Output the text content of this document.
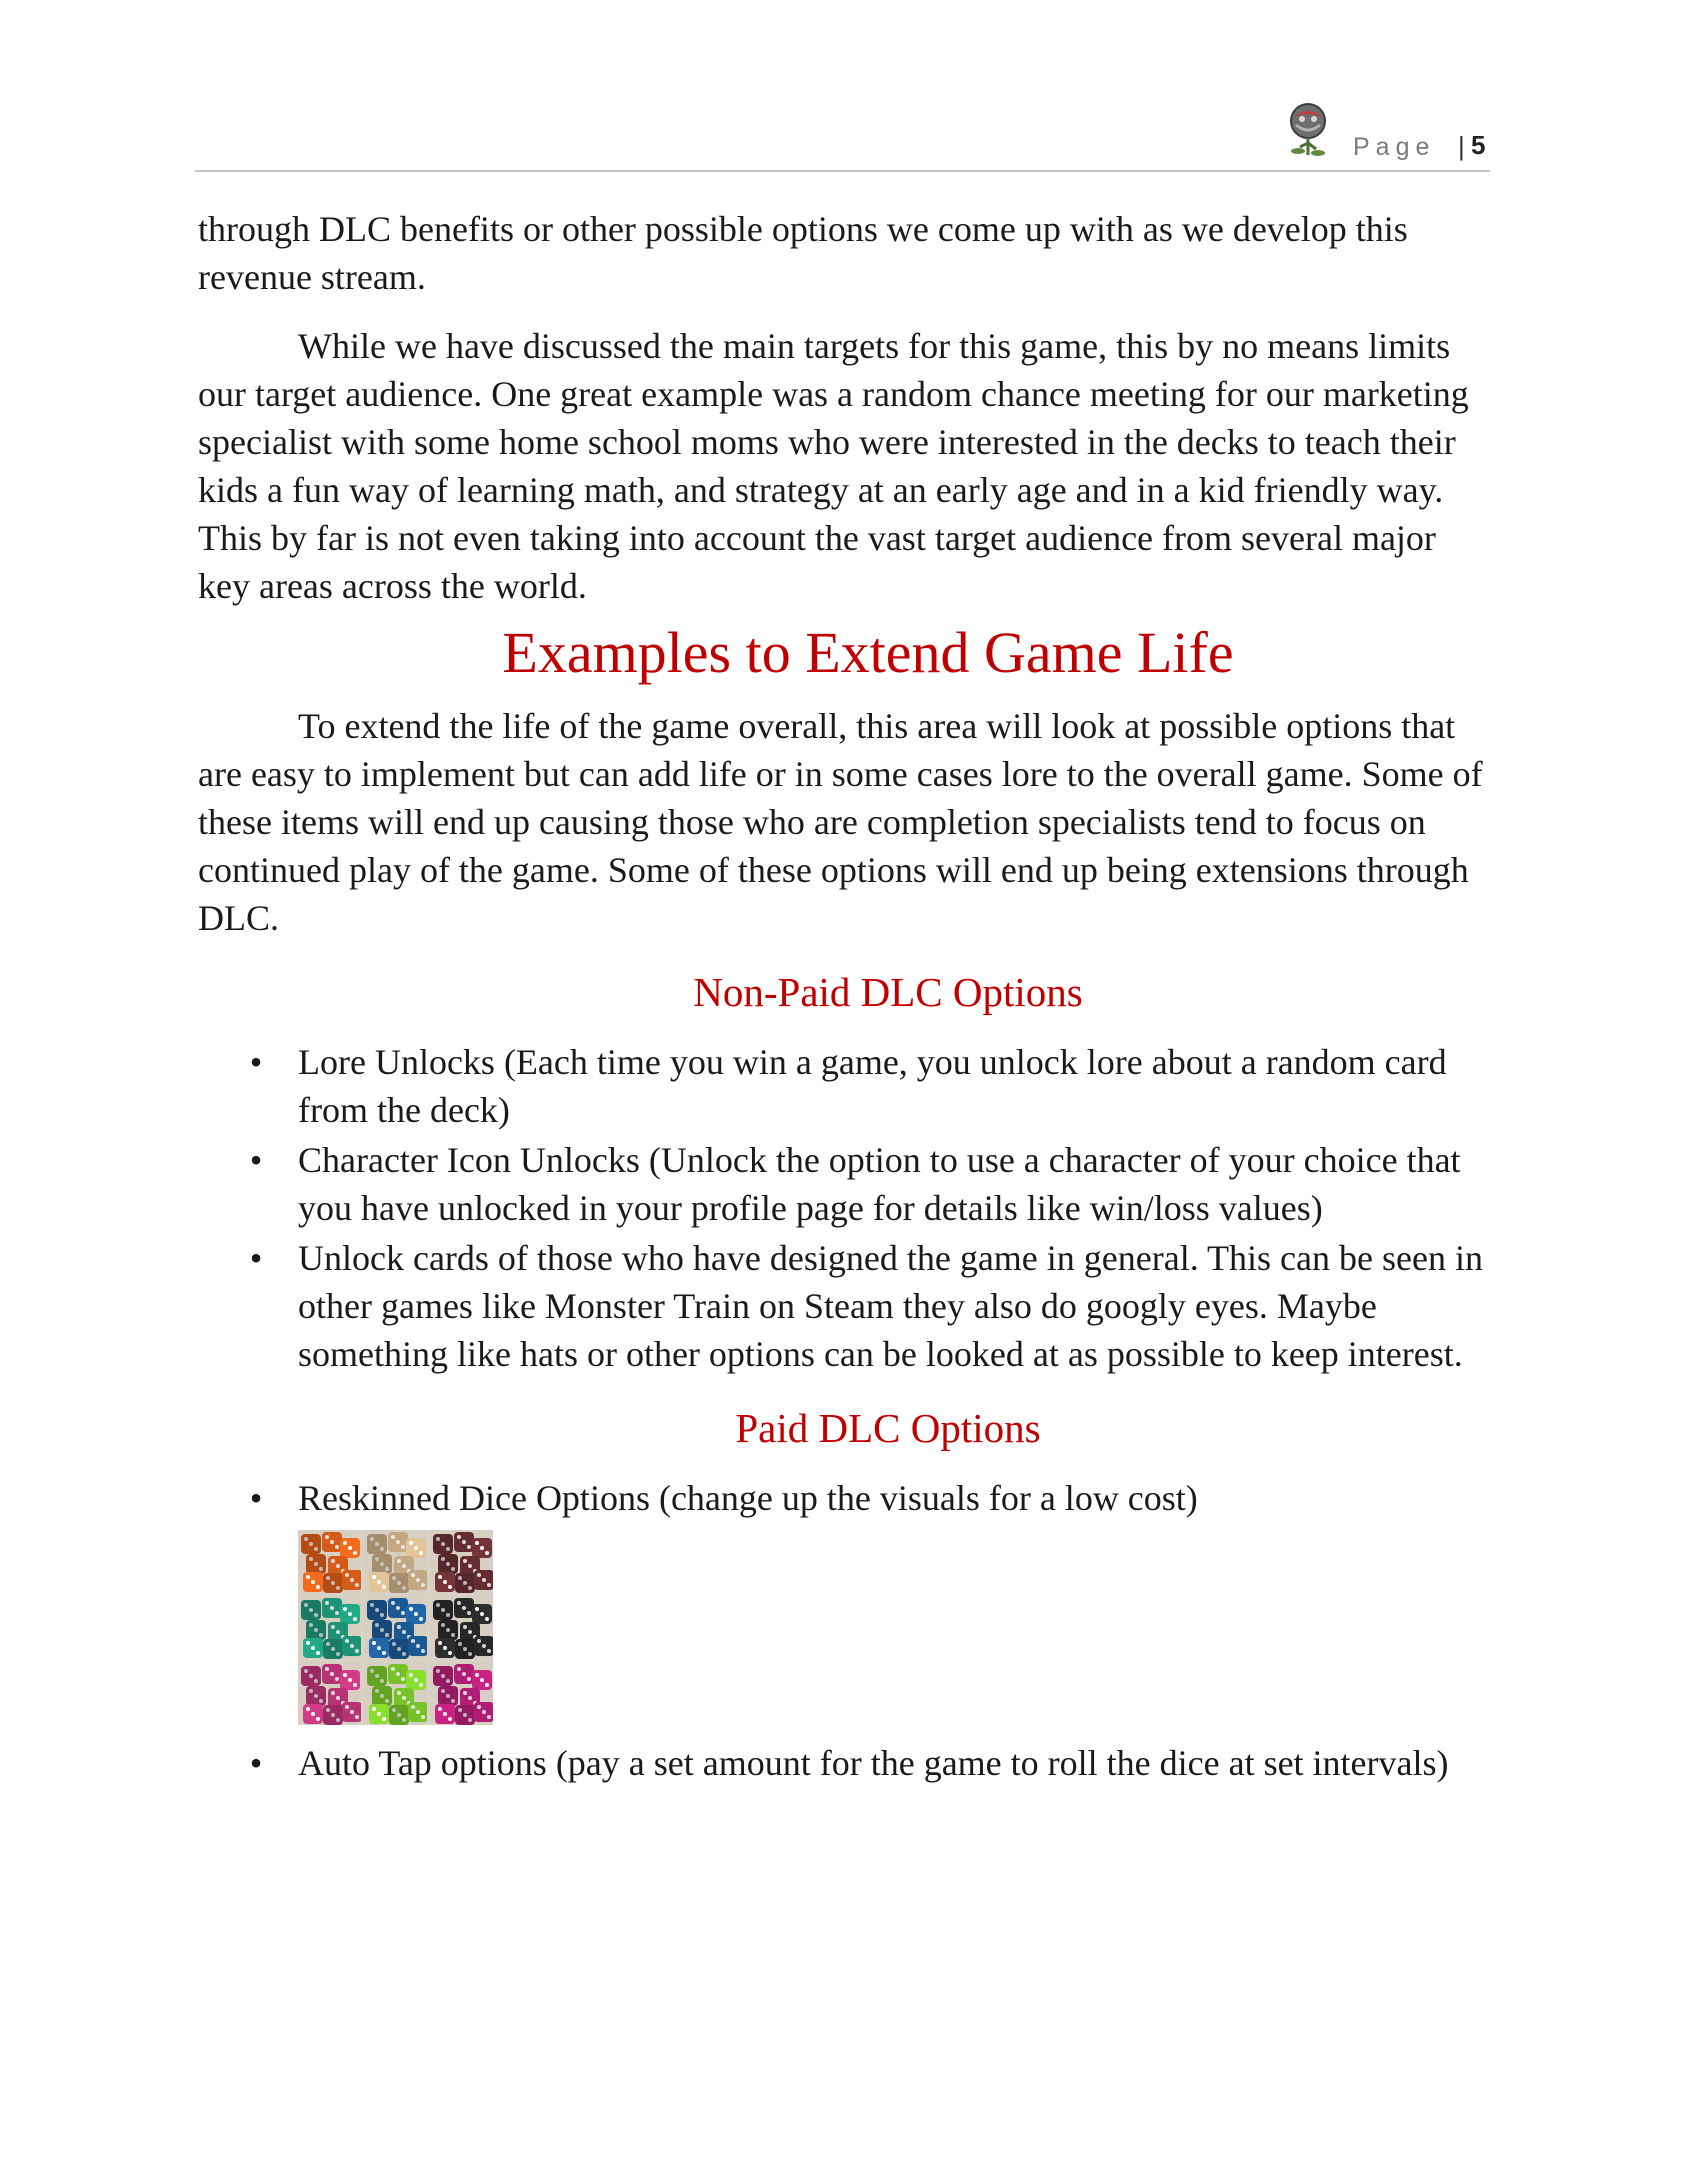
Page | 5

through DLC benefits or other possible options we come up with as we develop this revenue stream.

While we have discussed the main targets for this game, this by no means limits our target audience. One great example was a random chance meeting for our marketing specialist with some home school moms who were interested in the decks to teach their kids a fun way of learning math, and strategy at an early age and in a kid friendly way. This by far is not even taking into account the vast target audience from several major key areas across the world.

Examples to Extend Game Life

To extend the life of the game overall, this area will look at possible options that are easy to implement but can add life or in some cases lore to the overall game. Some of these items will end up causing those who are completion specialists tend to focus on continued play of the game. Some of these options will end up being extensions through DLC.

Non-Paid DLC Options
• Lore Unlocks (Each time you win a game, you unlock lore about a random card from the deck)
• Character Icon Unlocks (Unlock the option to use a character of your choice that you have unlocked in your profile page for details like win/loss values)
• Unlock cards of those who have designed the game in general. This can be seen in other games like Monster Train on Steam they also do googly eyes. Maybe something like hats or other options can be looked at as possible to keep interest.
Paid DLC Options
• Reskinned Dice Options (change up the visuals for a low cost)
• Auto Tap options (pay a set amount for the game to roll the dice at set intervals)
